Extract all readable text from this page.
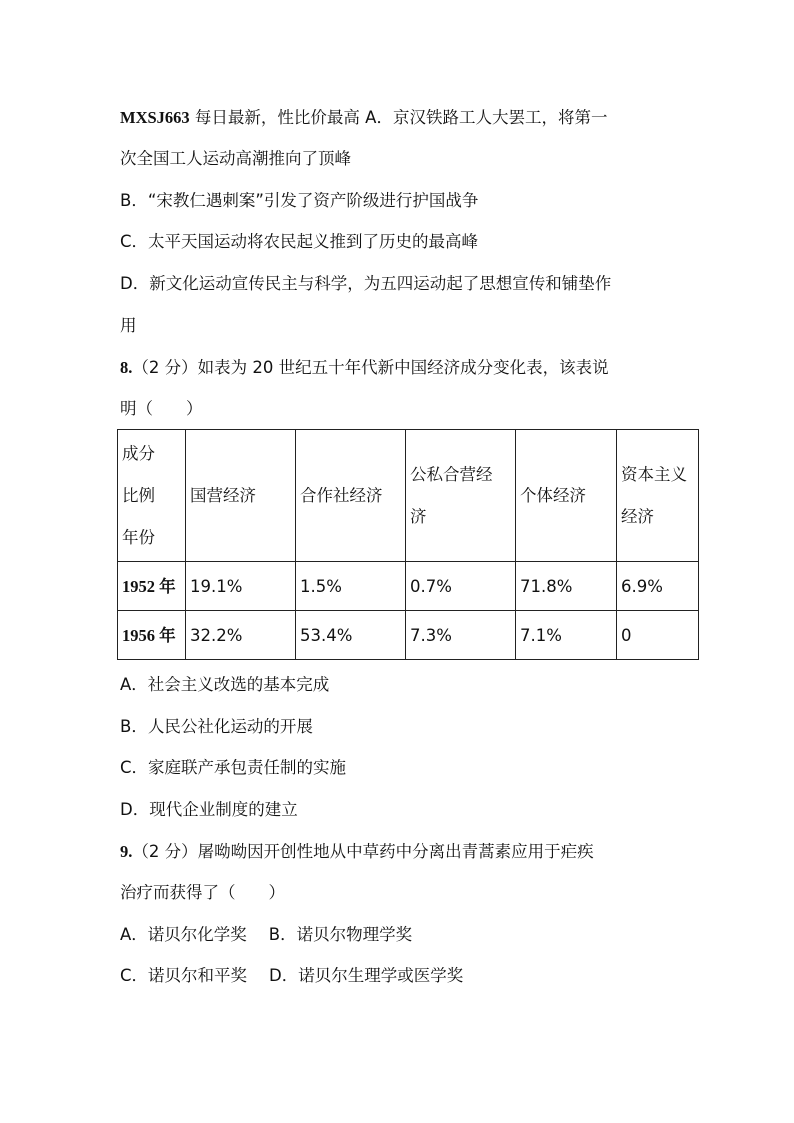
MXSJ663 每日最新，性比价最高 A．京汉铁路工人大罢工，将第一
次全国工人运动高潮推向了顶峰
B．“宋教仁遇刺案”引发了资产阶级进行护国战争
C．太平天国运动将农民起义推到了历史的最高峰
D．新文化运动宣传民主与科学，为五四运动起了思想宣传和铺垫作
用
8.（2 分）如表为 20 世纪五十年代新中国经济成分变化表，该表说
明（　　）
成分
比例
年份	国营经济	合作社经济	公私合营经
济	个体经济	资本主义
经济

1952 年	19.1%	1.5%	0.7%	71.8%	6.9%
1956 年	32.2%	53.4%	7.3%	7.1%	0
A．社会主义改选的基本完成
B．人民公社化运动的开展
C．家庭联产承包责任制的实施
D．现代企业制度的建立
9.（2 分）屠呦呦因开创性地从中草药中分离出青蒿素应用于疟疾
治疗而获得了（　　）
A．诺贝尔化学奖 B．诺贝尔物理学奖
C．诺贝尔和平奖 D．诺贝尔生理学或医学奖
